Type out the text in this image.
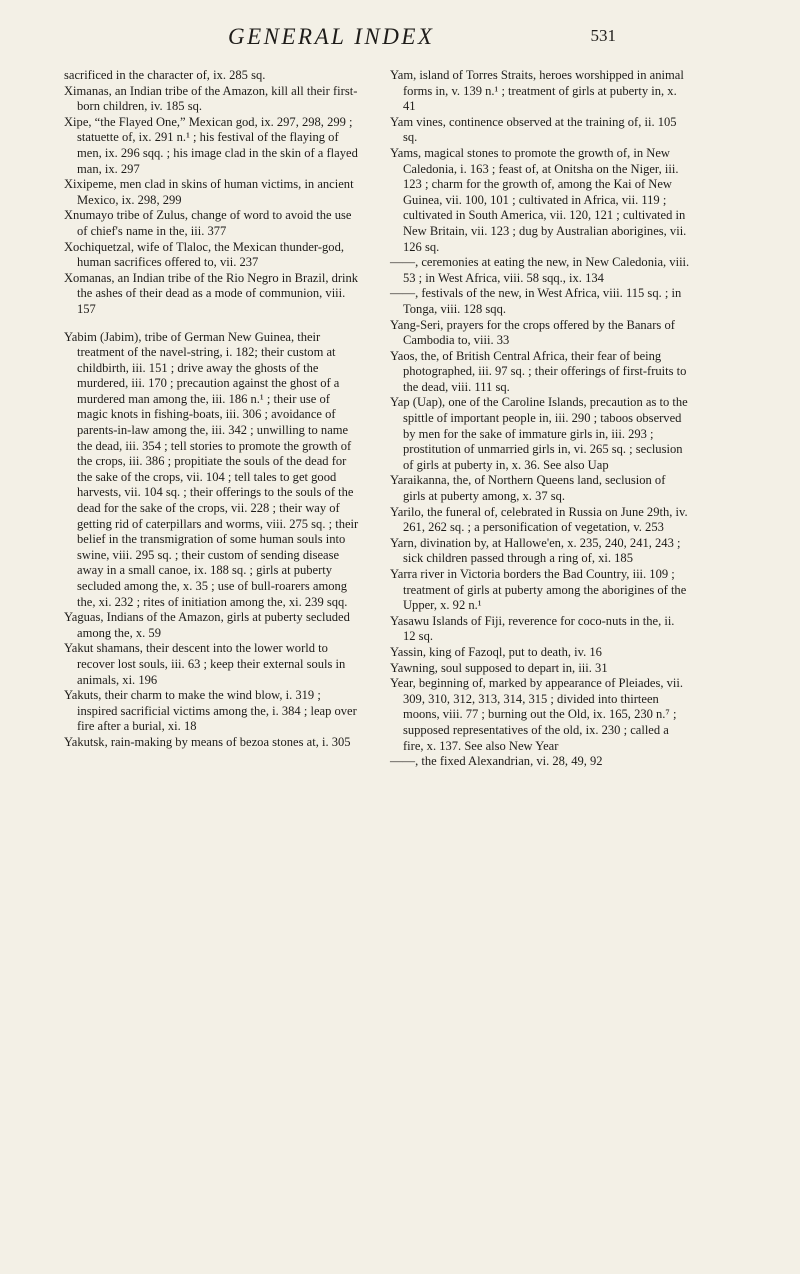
GENERAL INDEX	531

sacrificed in the character of, ix. 285 sq.

Ximanas, an Indian tribe of the Amazon, kill all their first-born children, iv. 185 sq.

Xipe, “the Flayed One,” Mexican god, ix. 297, 298, 299 ; statuette of, ix. 291 n.¹ ; his festival of the flaying of men, ix. 296 sqq. ; his image clad in the skin of a flayed man, ix. 297

Xixipeme, men clad in skins of human victims, in ancient Mexico, ix. 298, 299

Xnumayo tribe of Zulus, change of word to avoid the use of chief's name in the, iii. 377

Xochiquetzal, wife of Tlaloc, the Mexican thunder-god, human sacrifices offered to, vii. 237

Xomanas, an Indian tribe of the Rio Negro in Brazil, drink the ashes of their dead as a mode of communion, viii. 157

Yabim (Jabim), tribe of German New Guinea, their treatment of the navel-string, i. 182; their custom at childbirth, iii. 151 ; drive away the ghosts of the murdered, iii. 170 ; precaution against the ghost of a murdered man among the, iii. 186 n.¹ ; their use of magic knots in fishing-boats, iii. 306 ; avoidance of parents-in-law among the, iii. 342 ; unwilling to name the dead, iii. 354 ; tell stories to promote the growth of the crops, iii. 386 ; propitiate the souls of the dead for the sake of the crops, vii. 104 ; tell tales to get good harvests, vii. 104 sq. ; their offerings to the souls of the dead for the sake of the crops, vii. 228 ; their way of getting rid of caterpillars and worms, viii. 275 sq. ; their belief in the transmigration of some human souls into swine, viii. 295 sq. ; their custom of sending disease away in a small canoe, ix. 188 sq. ; girls at puberty secluded among the, x. 35 ; use of bull-roarers among the, xi. 232 ; rites of initiation among the, xi. 239 sqq.

Yaguas, Indians of the Amazon, girls at puberty secluded among the, x. 59

Yakut shamans, their descent into the lower world to recover lost souls, iii. 63 ; keep their external souls in animals, xi. 196

Yakuts, their charm to make the wind blow, i. 319 ; inspired sacrificial victims among the, i. 384 ; leap over fire after a burial, xi. 18

Yakutsk, rain-making by means of bezoa stones at, i. 305

Yam, island of Torres Straits, heroes worshipped in animal forms in, v. 139 n.¹ ; treatment of girls at puberty in, x. 41

Yam vines, continence observed at the training of, ii. 105 sq.

Yams, magical stones to promote the growth of, in New Caledonia, i. 163 ; feast of, at Onitsha on the Niger, iii. 123 ; charm for the growth of, among the Kai of New Guinea, vii. 100, 101 ; cultivated in Africa, vii. 119 ; cultivated in South America, vii. 120, 121 ; cultivated in New Britain, vii. 123 ; dug by Australian aborigines, vii. 126 sq.

——, ceremonies at eating the new, in New Caledonia, viii. 53 ; in West Africa, viii. 58 sqq., ix. 134

——, festivals of the new, in West Africa, viii. 115 sq. ; in Tonga, viii. 128 sqq.

Yang-Seri, prayers for the crops offered by the Banars of Cambodia to, viii. 33

Yaos, the, of British Central Africa, their fear of being photographed, iii. 97 sq. ; their offerings of first-fruits to the dead, viii. 111 sq.

Yap (Uap), one of the Caroline Islands, precaution as to the spittle of important people in, iii. 290 ; taboos observed by men for the sake of immature girls in, iii. 293 ; prostitution of unmarried girls in, vi. 265 sq. ; seclusion of girls at puberty in, x. 36. See also Uap

Yaraikanna, the, of Northern Queens land, seclusion of girls at puberty among, x. 37 sq.

Yarilo, the funeral of, celebrated in Russia on June 29th, iv. 261, 262 sq. ; a personification of vegetation, v. 253

Yarn, divination by, at Hallowe'en, x. 235, 240, 241, 243 ; sick children passed through a ring of, xi. 185

Yarra river in Victoria borders the Bad Country, iii. 109 ; treatment of girls at puberty among the aborigines of the Upper, x. 92 n.¹

Yasawu Islands of Fiji, reverence for coco-nuts in the, ii. 12 sq.

Yassin, king of Fazoql, put to death, iv. 16

Yawning, soul supposed to depart in, iii. 31

Year, beginning of, marked by appearance of Pleiades, vii. 309, 310, 312, 313, 314, 315 ; divided into thirteen moons, viii. 77 ; burning out the Old, ix. 165, 230 n.⁷ ; supposed representatives of the old, ix. 230 ; called a fire, x. 137. See also New Year

——, the fixed Alexandrian, vi. 28, 49, 92
